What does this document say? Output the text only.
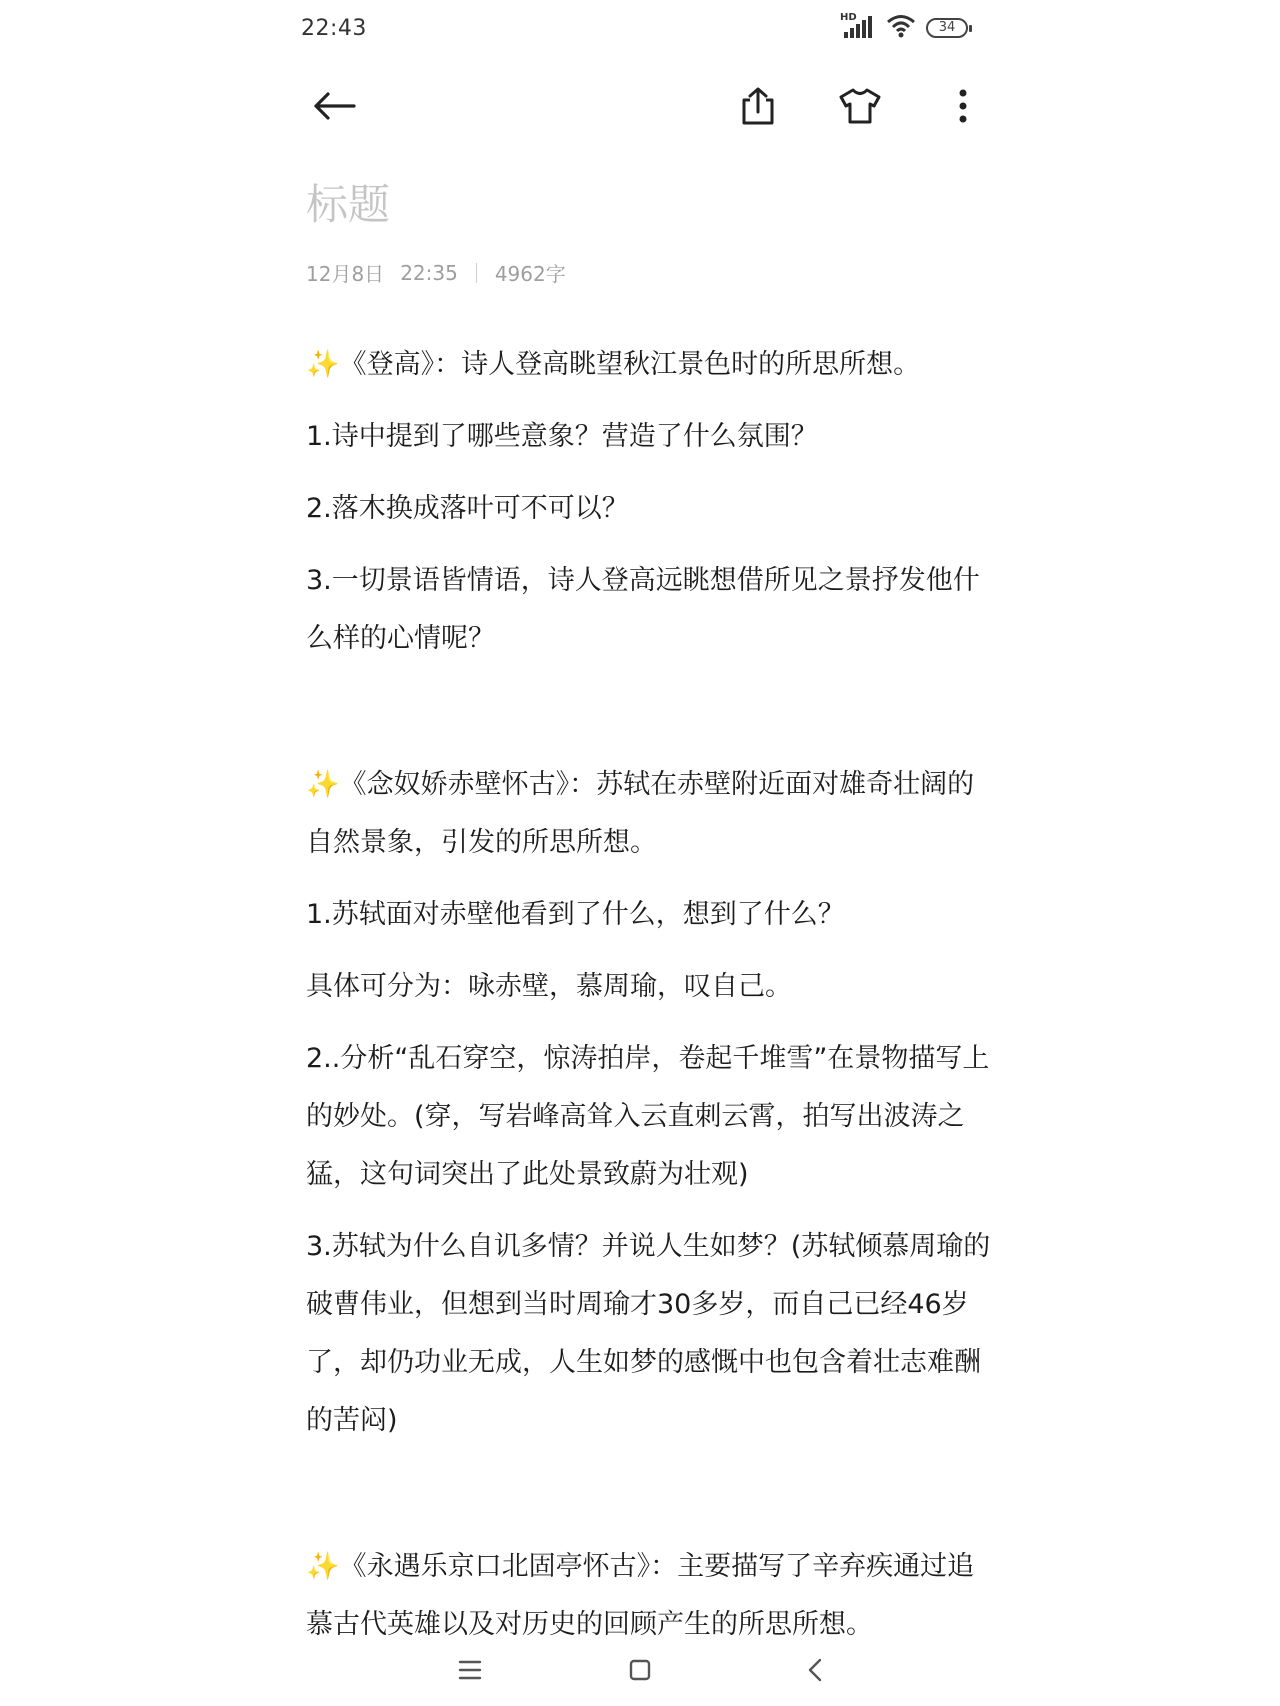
22:43	HD
34
标题
12月8日 22:35 4962字
✨《登高》：诗人登高眺望秋江景色时的所思所想。
1.诗中提到了哪些意象？营造了什么氛围？
2.落木换成落叶可不可以？
3.一切景语皆情语，诗人登高远眺想借所见之景抒发他什么样的心情呢？
✨《念奴娇赤壁怀古》：苏轼在赤壁附近面对雄奇壮阔的自然景象，引发的所思所想。
1.苏轼面对赤壁他看到了什么，想到了什么？
具体可分为：咏赤壁，慕周瑜，叹自己。
2..分析“乱石穿空，惊涛拍岸，卷起千堆雪”在景物描写上的妙处。(穿，写岩峰高耸入云直刺云霄，拍写出波涛之猛，这句词突出了此处景致蔚为壮观)
3.苏轼为什么自讥多情？并说人生如梦？(苏轼倾慕周瑜的破曹伟业，但想到当时周瑜才30多岁，而自己已经46岁了，却仍功业无成，人生如梦的感慨中也包含着壮志难酬的苦闷)
✨《永遇乐京口北固亭怀古》：主要描写了辛弃疾通过追慕古代英雄以及对历史的回顾产生的所思所想。
